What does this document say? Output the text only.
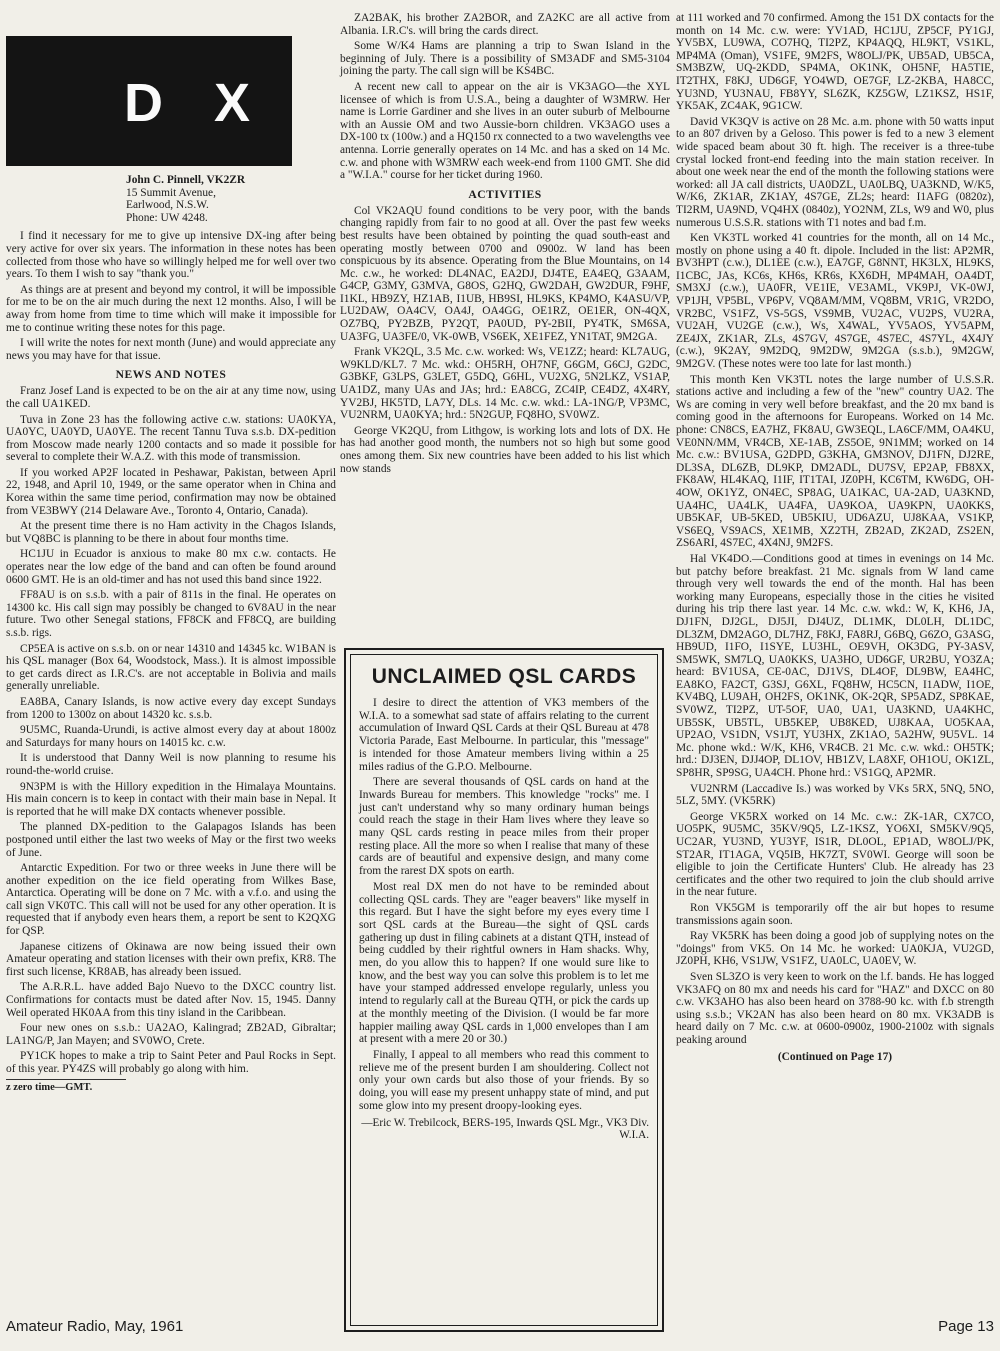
D X
John C. Pinnell, VK2ZR
15 Summit Avenue,
Earlwood, N.S.W.
Phone: UW 4248.

I find it necessary for me to give up intensive DX-ing after being very active for over six years. The information in these notes has been collected from those who have so willingly helped me for well over two years. To them I wish to say "thank you."

As things are at present and beyond my control, it will be impossible for me to be on the air much during the next 12 months. Also, I will be away from home from time to time which will make it impossible for me to continue writing these notes for this page.

I will write the notes for next month (June) and would appreciate any news you may have for that issue.

NEWS AND NOTES

Franz Josef Land is expected to be on the air at any time now, using the call UA1KED.

Tuva in Zone 23 has the following active c.w. stations: UA0KYA, UA0YC, UA0YD, UA0YE. The recent Tannu Tuva s.s.b. DX-pedition from Moscow made nearly 1200 contacts and so made it possible for several to complete their W.A.Z. with this mode of transmission.

If you worked AP2F located in Peshawar, Pakistan, between April 22, 1948, and April 10, 1949, or the same operator when in China and Korea within the same time period, confirmation may now be obtained from VE3BWY (214 Delaware Ave., Toronto 4, Ontario, Canada).

At the present time there is no Ham activity in the Chagos Islands, but VQ8BC is planning to be there in about four months time.

HC1JU in Ecuador is anxious to make 80 mx c.w. contacts. He operates near the low edge of the band and can often be found around 0600 GMT. He is an old-timer and has not used this band since 1922.

FF8AU is on s.s.b. with a pair of 811s in the final. He operates on 14300 kc. His call sign may possibly be changed to 6V8AU in the near future. Two other Senegal stations, FF8CK and FF8CQ, are building s.s.b. rigs.

CP5EA is active on s.s.b. on or near 14310 and 14345 kc. W1BAN is his QSL manager (Box 64, Woodstock, Mass.). It is almost impossible to get cards direct as I.R.C's. are not acceptable in Bolivia and mails generally unreliable.

EA8BA, Canary Islands, is now active every day except Sundays from 1200 to 1300z on about 14320 kc. s.s.b.

9U5MC, Ruanda-Urundi, is active almost every day at about 1800z and Saturdays for many hours on 14015 kc. c.w.

It is understood that Danny Weil is now planning to resume his round-the-world cruise.

9N3PM is with the Hillory expedition in the Himalaya Mountains. His main concern is to keep in contact with their main base in Nepal. It is reported that he will make DX contacts whenever possible.

The planned DX-pedition to the Galapagos Islands has been postponed until either the last two weeks of May or the first two weeks of June.

Antarctic Expedition. For two or three weeks in June there will be another expedition on the ice field operating from Wilkes Base, Antarctica. Operating will be done on 7 Mc. with a v.f.o. and using the call sign VK0TC. This call will not be used for any other operation. It is requested that if anybody even hears them, a report be sent to K2QXG for QSP.

Japanese citizens of Okinawa are now being issued their own Amateur operating and station licenses with their own prefix, KR8. The first such license, KR8AB, has already been issued.

The A.R.R.L. have added Bajo Nuevo to the DXCC country list. Confirmations for contacts must be dated after Nov. 15, 1945. Danny Weil operated HK0AA from this tiny island in the Caribbean.

Four new ones on s.s.b.: UA2AO, Kalingrad; ZB2AD, Gibraltar; LA1NG/P, Jan Mayen; and SV0WO, Crete.

PY1CK hopes to make a trip to Saint Peter and Paul Rocks in Sept. of this year. PY4ZS will probably go along with him.

z zero time—GMT.

ZA2BAK, his brother ZA2BOR, and ZA2KC are all active from Albania. I.R.C's. will bring the cards direct.

Some W/K4 Hams are planning a trip to Swan Island in the beginning of July. There is a possibility of SM3ADF and SM5-3104 joining the party. The call sign will be KS4BC.

A recent new call to appear on the air is VK3AGO—the XYL licensee of which is from U.S.A., being a daughter of W3MRW. Her name is Lorrie Gardiner and she lives in an outer suburb of Melbourne with an Aussie OM and two Aussie-born children. VK3AGO uses a DX-100 tx (100w.) and a HQ150 rx connected to a two wavelengths vee antenna. Lorrie generally operates on 14 Mc. and has a sked on 14 Mc. c.w. and phone with W3MRW each week-end from 1100 GMT. She did a "W.I.A." course for her ticket during 1960.

ACTIVITIES

Col VK2AQU found conditions to be very poor, with the bands changing rapidly from fair to no good at all. Over the past few weeks best results have been obtained by pointing the quad south-east and operating mostly between 0700 and 0900z. W land has been conspicuous by its absence. Operating from the Blue Mountains, on 14 Mc. c.w., he worked: DL4NAC, EA2DJ, DJ4TE, EA4EQ, G3AAM, G4CP, G3MY, G3MVA, G8OS, G2HQ, GW2DAH, GW2DUR, F9HF, I1KL, HB9ZY, HZ1AB, I1UB, HB9SI, HL9KS, KP4MO, K4ASU/VP, LU2DAW, OA4CV, OA4J, OA4GG, OE1RZ, OE1ER, ON-4QX, OZ7BQ, PY2BZB, PY2QT, PA0UD, PY-2BII, PY4TK, SM6SA, UA3FG, UA3FE/0, VK-0WB, VS6EK, XE1FEZ, YN1TAT, 9M2GA.

Frank VK2QL, 3.5 Mc. c.w. worked: Ws, VE1ZZ; heard: KL7AUG, W9KLD/KL7. 7 Mc. wkd.: OH5RH, OH7NF, G6GM, G6CJ, G2DC, G3BKF, G3LPS, G3LET, G5DQ, G6HL, VU2XG, 5N2LKZ, VS1AP, UA1DZ, many UAs and JAs; hrd.: EA8CG, ZC4IP, CE4DZ, 4X4RY, YV2BJ, HK5TD, LA7Y, DLs. 14 Mc. c.w. wkd.: LA-1NG/P, VP3MC, VU2NRM, UA0KYA; hrd.: 5N2GUP, FQ8HO, SV0WZ.

George VK2QU, from Lithgow, is working lots and lots of DX. He has had another good month, the numbers not so high but some good ones among them. Six new countries have been added to his list which now stands

UNCLAIMED QSL CARDS

I desire to direct the attention of VK3 members of the W.I.A. to a somewhat sad state of affairs relating to the current accumulation of Inward QSL Cards at their QSL Bureau at 478 Victoria Parade, East Melbourne. In particular, this "message" is intended for those Amateur members living within a 25 miles radius of the G.P.O. Melbourne.

There are several thousands of QSL cards on hand at the Inwards Bureau for members. This knowledge "rocks" me. I just can't understand why so many ordinary human beings could reach the stage in their Ham lives where they leave so many QSL cards resting in peace miles from their proper resting place. All the more so when I realise that many of these cards are of beautiful and expensive design, and many come from the rarest DX spots on earth.

Most real DX men do not have to be reminded about collecting QSL cards. They are "eager beavers" like myself in this regard. But I have the sight before my eyes every time I sort QSL cards at the Bureau—the sight of QSL cards gathering up dust in filing cabinets at a distant QTH, instead of being cuddled by their rightful owners in Ham shacks. Why, men, do you allow this to happen? If one would sure like to know, and the best way you can solve this problem is to let me have your stamped addressed envelope regularly, unless you intend to regularly call at the Bureau QTH, or pick the cards up at the monthly meeting of the Division. (I would be far more happier mailing away QSL cards in 1,000 envelopes than I am at present with a mere 20 or 30.)

Finally, I appeal to all members who read this comment to relieve me of the present burden I am shouldering. Collect not only your own cards but also those of your friends. By so doing, you will ease my present unhappy state of mind, and put some glow into my present droopy-looking eyes.

—Eric W. Trebilcock, BERS-195, Inwards QSL Mgr., VK3 Div. W.I.A.

at 111 worked and 70 confirmed. Among the 151 DX contacts for the month on 14 Mc. c.w. were: YV1AD, HC1JU, ZP5CF, PY1GJ, YV5BX, LU9WA, CO7HQ, TI2PZ, KP4AQQ, HL9KT, VS1KL, MP4MA (Oman), VS1FE, 9M2FS, W8OLJ/PK, UB5AD, UB5CA, SM3BZW, UQ-2KDD, SP4MA, OK1NK, OH5NF, HA5TIE, IT2THX, F8KJ, UD6GF, YO4WD, OE7GF, LZ-2KBA, HA8CC, YU3ND, YU3NAU, FB8YY, SL6ZK, KZ5GW, LZ1KSZ, HS1F, YK5AK, ZC4AK, 9G1CW.

David VK3QV is active on 28 Mc. a.m. phone with 50 watts input to an 807 driven by a Geloso. This power is fed to a new 3 element wide spaced beam about 30 ft. high. The receiver is a three-tube crystal locked front-end feeding into the main station receiver. In about one week near the end of the month the following stations were worked: all JA call districts, UA0DZL, UA0LBQ, UA3KND, W/K5, W/K6, ZK1AR, ZK1AY, 4S7GE, ZL2s; heard: I1AFG (0820z), TI2RM, UA9ND, VQ4HX (0840z), YO2NM, ZLs, W9 and W0, plus numerous U.S.S.R. stations with T1 notes and bad f.m.

Ken VK3TL worked 41 countries for the month, all on 14 Mc., mostly on phone using a 40 ft. dipole. Included in the list: AP2MR, BV3HPT (c.w.), DL1EE (c.w.), EA7GF, G8NNT, HK3LX, HL9KS, I1CBC, JAs, KC6s, KH6s, KR6s, KX6DH, MP4MAH, OA4DT, SM3XJ (c.w.), UA0FR, VE1IE, VE3AML, VK9PJ, VK-0WJ, VP1JH, VP5BL, VP6PV, VQ8AM/MM, VQ8BM, VR1G, VR2DO, VR2BC, VS1FZ, VS-5GS, VS9MB, VU2AC, VU2PS, VU2RA, VU2AH, VU2GE (c.w.), Ws, X4WAL, YV5AOS, YV5APM, ZE4JX, ZK1AR, ZLs, 4S7GV, 4S7GE, 4S7EC, 4S7YL, 4X4JY (c.w.), 9K2AY, 9M2DQ, 9M2DW, 9M2GA (s.s.b.), 9M2GW, 9M2GV. (These notes were too late for last month.)

This month Ken VK3TL notes the large number of U.S.S.R. stations active and including a few of the "new" country UA2. The Ws are coming in very well before breakfast, and the 20 mx band is coming good in the afternoons for Europeans. Worked on 14 Mc. phone: CN8CS, EA7HZ, FK8AU, GW3EQL, LA6CF/MM, OA4KU, VE0NN/MM, VR4CB, XE-1AB, ZS5OE, 9N1MM; worked on 14 Mc. c.w.: BV1USA, G2DPD, G3KHA, GM3NOV, DJ1FN, DJ2RE, DL3SA, DL6ZB, DL9KP, DM2ADL, DU7SV, EP2AP, FB8XX, FK8AW, HL4KAQ, I1IF, IT1TAI, JZ0PH, KC6TM, KW6DG, OH-4OW, OK1YZ, ON4EC, SP8AG, UA1KAC, UA-2AD, UA3KND, UA4HC, UA4LK, UA4FA, UA9KOA, UA9KPN, UA0KKS, UB5KAF, UB-5KED, UB5KIU, UD6AZU, UJ8KAA, VS1KP, VS6EQ, VS9ACS, XE1MB, XZ2TH, ZB2AD, ZK2AD, ZS2EN, ZS6ARI, 4S7EC, 4X4NJ, 9M2FS.

Hal VK4DO.—Conditions good at times in evenings on 14 Mc. but patchy before breakfast. 21 Mc. signals from W land came through very well towards the end of the month. Hal has been working many Europeans, especially those in the cities he visited during his trip there last year. 14 Mc. c.w. wkd.: W, K, KH6, JA, DJ1FN, DJ2GL, DJ5JI, DJ4UZ, DL1MK, DL0LH, DL1DC, DL3ZM, DM2AGO, DL7HZ, F8KJ, FA8RJ, G6BQ, G6ZO, G3ASG, HB9UD, I1FO, I1SYE, LU3HL, OE9VH, OK3DG, PY-3ASV, SM5WK, SM7LQ, UA0KKS, UA3HO, UD6GF, UR2BU, YO3ZA; heard: BV1USA, CE-0AC, DJ1VS, DL4OF, DL9BW, EA4HC, EA8KO, FA2CT, G3SJ, G6XL, FQ8HW, HC5CN, I1ADW, I1OE, KV4BQ, LU9AH, OH2FS, OK1NK, OK-2QR, SP5ADZ, SP8KAE, SV0WZ, TI2PZ, UT-5OF, UA0, UA1, UA3KND, UA4KHC, UB5SK, UB5TL, UB5KEP, UB8KED, UJ8KAA, UO5KAA, UP2AO, VS1DN, VS1JT, YU3HX, ZK1AO, 5A2HW, 9U5VL. 14 Mc. phone wkd.: W/K, KH6, VR4CB. 21 Mc. c.w. wkd.: OH5TK; hrd.: DJ3EN, DJJ4OP, DL1OV, HB1ZV, LA8XF, OH1OU, OK1ZL, SP8HR, SP9SG, UA4CH. Phone hrd.: VS1GQ, AP2MR.

VU2NRM (Laccadive Is.) was worked by VKs 5RX, 5NQ, 5NO, 5LZ, 5MY. (VK5RK)

George VK5RX worked on 14 Mc. c.w.: ZK-1AR, CX7CO, UO5PK, 9U5MC, 35KV/9Q5, LZ-1KSZ, YO6XI, SM5KV/9Q5, UC2AR, YU3ND, YU3YF, IS1R, DL0OL, EP1AD, W8OLJ/PK, ST2AR, IT1AGA, VQ5IB, HK7ZT, SV0WI. George will soon be eligible to join the Certificate Hunters' Club. He already has 23 certificates and the other two required to join the club should arrive in the near future.

Ron VK5GM is temporarily off the air but hopes to resume transmissions again soon.

Ray VK5RK has been doing a good job of supplying notes on the "doings" from VK5. On 14 Mc. he worked: UA0KJA, VU2GD, JZ0PH, KH6, VS1JW, VS1FZ, UA0LC, UA0EV, W.

Sven SL3ZO is very keen to work on the l.f. bands. He has logged VK3AFQ on 80 mx and needs his card for "HAZ" and DXCC on 80 c.w. VK3AHO has also been heard on 3788-90 kc. with f.b strength using s.s.b.; VK2AN has also been heard on 80 mx. VK3ADB is heard daily on 7 Mc. c.w. at 0600-0900z, 1900-2100z with signals peaking around

(Continued on Page 17)
Amateur Radio, May, 1961	Page 13
